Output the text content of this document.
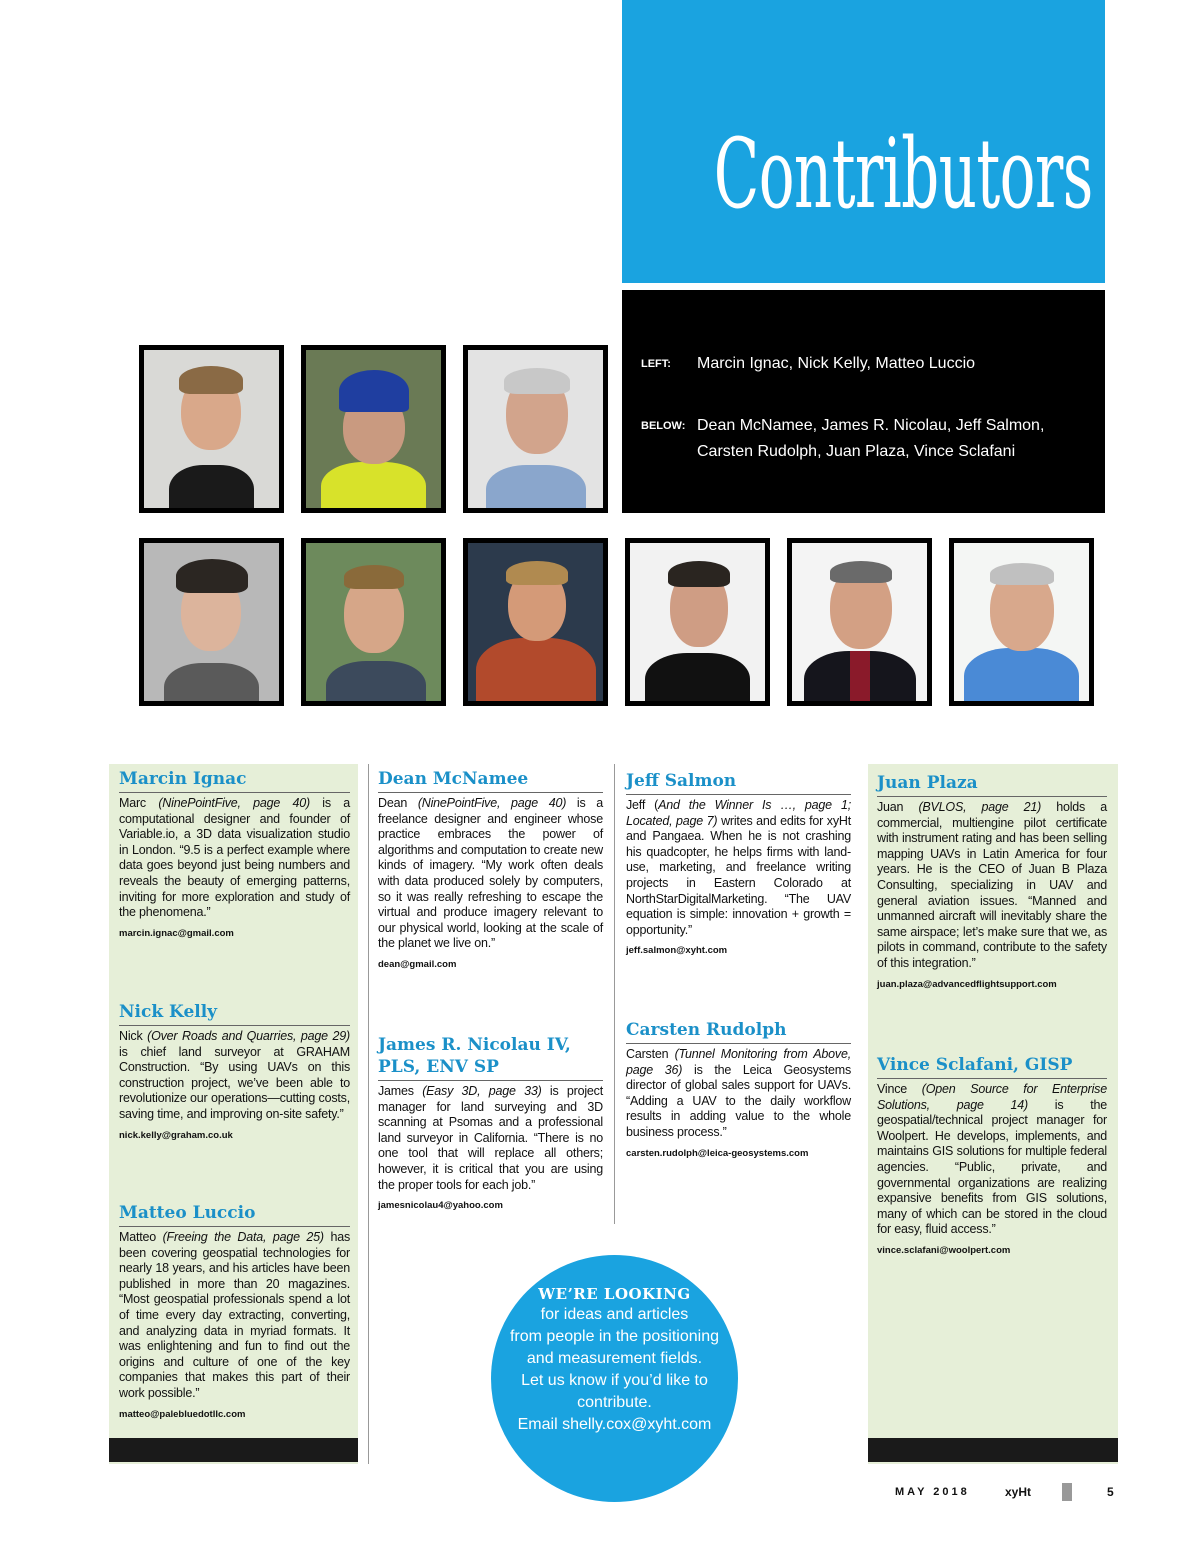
Contributors
LEFT: Marcin Ignac, Nick Kelly, Matteo Luccio
BELOW: Dean McNamee, James R. Nicolau, Jeff Salmon, Carsten Rudolph, Juan Plaza, Vince Sclafani
Marcin Ignac
Marc (NinePointFive, page 40) is a computational designer and founder of Variable.io, a 3D data visualization studio in London. “9.5 is a perfect example where data goes beyond just being numbers and reveals the beauty of emerging patterns, inviting for more exploration and study of the phenomena.”
marcin.ignac@gmail.com
Nick Kelly
Nick (Over Roads and Quarries, page 29) is chief land surveyor at GRAHAM Construction. “By using UAVs on this construction project, we’ve been able to revolutionize our operations—cutting costs, saving time, and improving on-site safety.”
nick.kelly@graham.co.uk
Matteo Luccio
Matteo (Freeing the Data, page 25) has been covering geospatial technologies for nearly 18 years, and his articles have been published in more than 20 magazines. “Most geospatial professionals spend a lot of time every day extracting, converting, and analyzing data in myriad formats. It was enlightening and fun to find out the origins and culture of one of the key companies that makes this part of their work possible.”
matteo@palebluedotllc.com
Dean McNamee
Dean (NinePointFive, page 40) is a freelance designer and engineer whose practice embraces the power of algorithms and computation to create new kinds of imagery. “My work often deals with data produced solely by computers, so it was really refreshing to escape the virtual and produce imagery relevant to our physical world, looking at the scale of the planet we live on.”
dean@gmail.com
James R. Nicolau IV, PLS, ENV SP
James (Easy 3D, page 33) is project manager for land surveying and 3D scanning at Psomas and a professional land surveyor in California. “There is no one tool that will replace all others; however, it is critical that you are using the proper tools for each job.”
jamesnicolau4@yahoo.com
Jeff Salmon
Jeff (And the Winner Is …, page 1; Located, page 7) writes and edits for xyHt and Pangaea. When he is not crashing his quadcopter, he helps firms with land-use, marketing, and freelance writing projects in Eastern Colorado at NorthStarDigitalMarketing. “The UAV equation is simple: innovation + growth = opportunity.”
jeff.salmon@xyht.com
Carsten Rudolph
Carsten (Tunnel Monitoring from Above, page 36) is the Leica Geosystems director of global sales support for UAVs. “Adding a UAV to the daily workflow results in adding value to the whole business process.”
carsten.rudolph@leica-geosystems.com
Juan Plaza
Juan (BVLOS, page 21) holds a commercial, multiengine pilot certificate with instrument rating and has been selling mapping UAVs in Latin America for four years. He is the CEO of Juan B Plaza Consulting, specializing in UAV and general aviation issues. “Manned and unmanned aircraft will inevitably share the same airspace; let’s make sure that we, as pilots in command, contribute to the safety of this integration.”
juan.plaza@advancedflightsupport.com
Vince Sclafani, GISP
Vince (Open Source for Enterprise Solutions, page 14) is the geospatial/technical project manager for Woolpert. He develops, implements, and maintains GIS solutions for multiple federal agencies. “Public, private, and governmental organizations are realizing expansive benefits from GIS solutions, many of which can be stored in the cloud for easy, fluid access.”
vince.sclafani@woolpert.com
WE’RE LOOKING
for ideas and articles
from people in the positioning
and measurement fields.
Let us know if you’d like to
contribute.
Email shelly.cox@xyht.com
MAY 2018	xyHt	5
